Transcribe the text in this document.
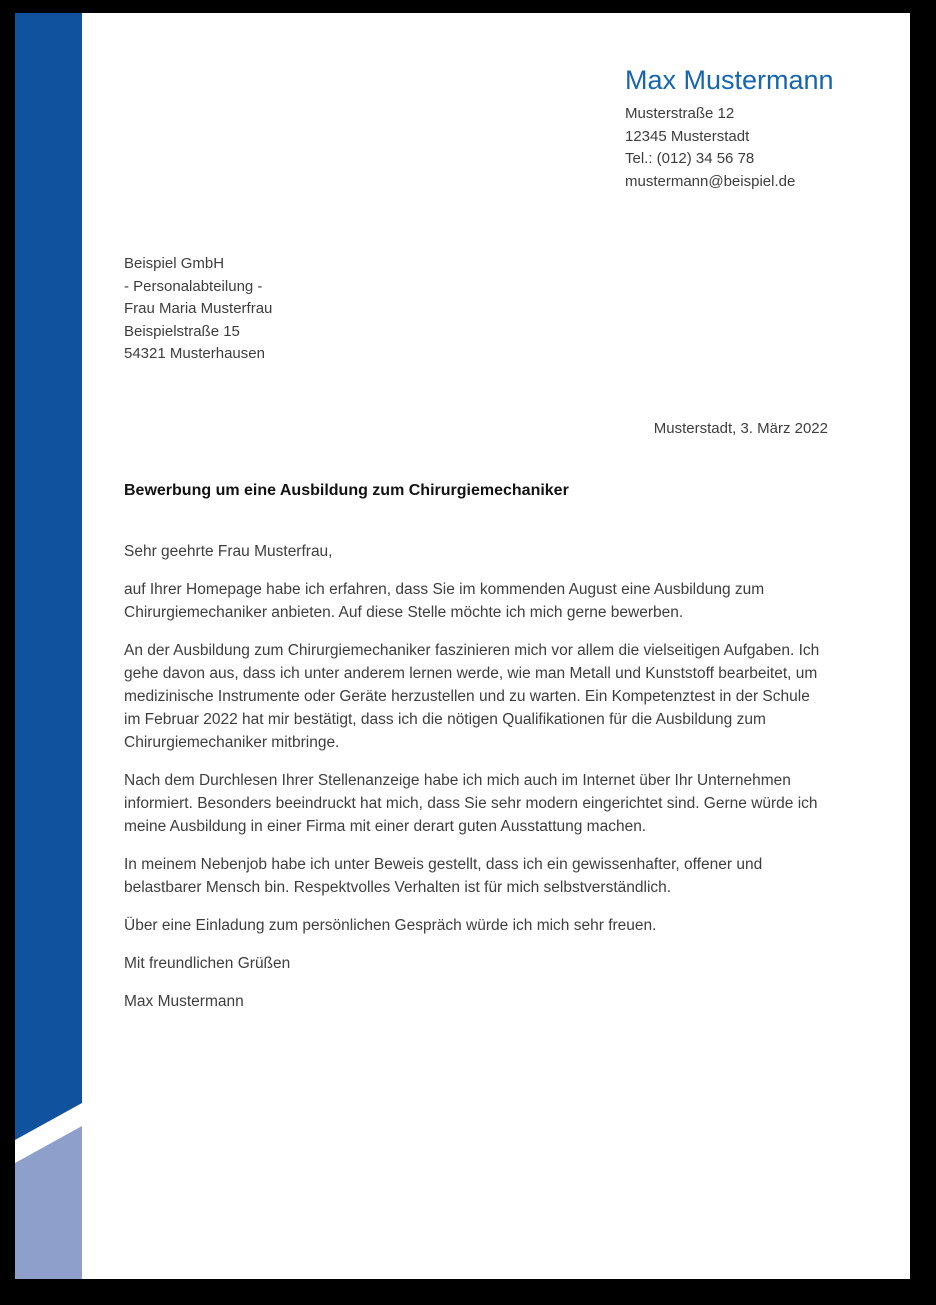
Max Mustermann
Musterstraße 12
12345 Musterstadt
Tel.: (012) 34 56 78
mustermann@beispiel.de
Beispiel GmbH
- Personalabteilung -
Frau Maria Musterfrau
Beispielstraße 15
54321 Musterhausen
Musterstadt, 3. März 2022
Bewerbung um eine Ausbildung zum Chirurgiemechaniker

Sehr geehrte Frau Musterfrau,

auf Ihrer Homepage habe ich erfahren, dass Sie im kommenden August eine Ausbildung zum Chirurgiemechaniker anbieten. Auf diese Stelle möchte ich mich gerne bewerben.

An der Ausbildung zum Chirurgiemechaniker faszinieren mich vor allem die vielseitigen Aufgaben. Ich gehe davon aus, dass ich unter anderem lernen werde, wie man Metall und Kunststoff bearbeitet, um medizinische Instrumente oder Geräte herzustellen und zu warten. Ein Kompetenztest in der Schule im Februar 2022 hat mir bestätigt, dass ich die nötigen Qualifikationen für die Ausbildung zum Chirurgiemechaniker mitbringe.

Nach dem Durchlesen Ihrer Stellenanzeige habe ich mich auch im Internet über Ihr Unternehmen informiert. Besonders beeindruckt hat mich, dass Sie sehr modern eingerichtet sind. Gerne würde ich meine Ausbildung in einer Firma mit einer derart guten Ausstattung machen.

In meinem Nebenjob habe ich unter Beweis gestellt, dass ich ein gewissenhafter, offener und belastbarer Mensch bin. Respektvolles Verhalten ist für mich selbstverständlich.

Über eine Einladung zum persönlichen Gespräch würde ich mich sehr freuen.

Mit freundlichen Grüßen

Max Mustermann
